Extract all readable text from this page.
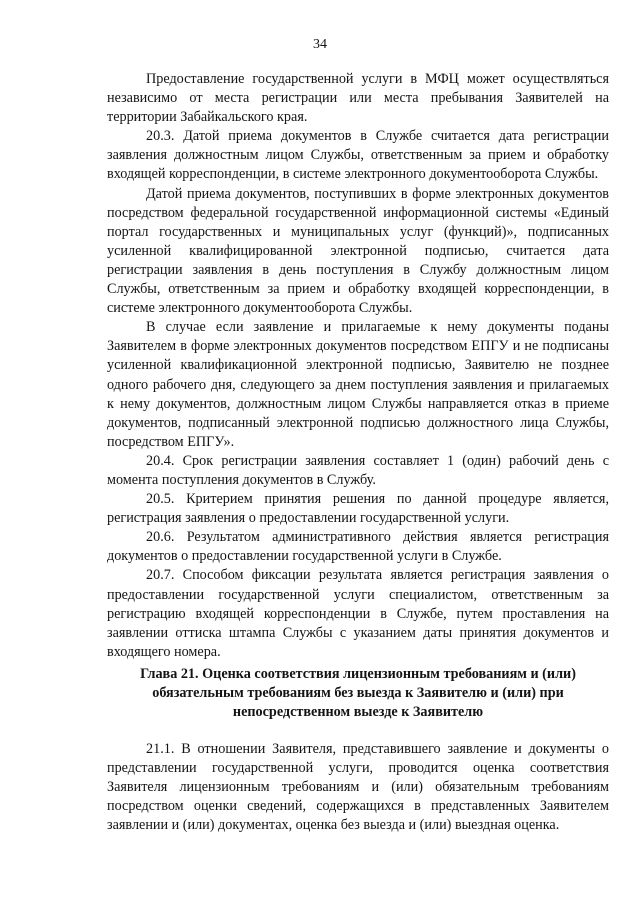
34

Предоставление государственной услуги в МФЦ может осуществляться независимо от места регистрации или места пребывания Заявителей на территории Забайкальского края.

20.3. Датой приема документов в Службе считается дата регистрации заявления должностным лицом Службы, ответственным за прием и обработку входящей корреспонденции, в системе электронного документооборота Службы.

Датой приема документов, поступивших в форме электронных документов посредством федеральной государственной информационной системы «Единый портал государственных и муниципальных услуг (функций)», подписанных усиленной квалифицированной электронной подписью, считается дата регистрации заявления в день поступления в Службу должностным лицом Службы, ответственным за прием и обработку входящей корреспонденции, в системе электронного документооборота Службы.

В случае если заявление и прилагаемые к нему документы поданы Заявителем в форме электронных документов посредством ЕПГУ и не подписаны усиленной квалификационной электронной подписью, Заявителю не позднее одного рабочего дня, следующего за днем поступления заявления и прилагаемых к нему документов, должностным лицом Службы направляется отказ в приеме документов, подписанный электронной подписью должностного лица Службы, посредством ЕПГУ».

20.4. Срок регистрации заявления составляет 1 (один) рабочий день с момента поступления документов в Службу.

20.5. Критерием принятия решения по данной процедуре является, регистрация заявления о предоставлении государственной услуги.

20.6. Результатом административного действия является регистрация документов о предоставлении государственной услуги в Службе.

20.7. Способом фиксации результата является регистрация заявления о предоставлении государственной услуги специалистом, ответственным за регистрацию входящей корреспонденции в Службе, путем проставления на заявлении оттиска штампа Службы с указанием даты принятия документов и входящего номера.

Глава 21. Оценка соответствия лицензионным требованиям и (или)
обязательным требованиям без выезда к Заявителю и (или) при
непосредственном выезде к Заявителю

21.1. В отношении Заявителя, представившего заявление и документы о представлении государственной услуги, проводится оценка соответствия Заявителя лицензионным требованиям и (или) обязательным требованиям посредством оценки сведений, содержащихся в представленных Заявителем заявлении и (или) документах, оценка без выезда и (или) выездная оценка.
